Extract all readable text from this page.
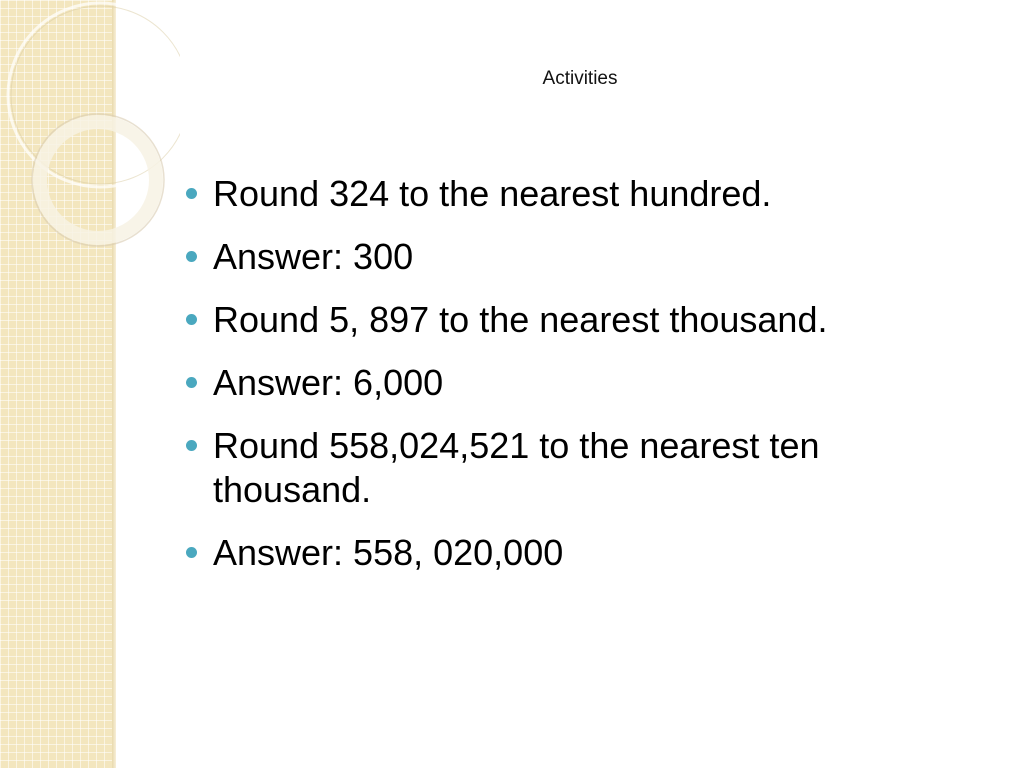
Activities
Round 324 to the nearest hundred.
Answer: 300
Round 5, 897 to the nearest thousand.
Answer: 6,000
Round 558,024,521 to the nearest ten thousand.
Answer: 558, 020,000
